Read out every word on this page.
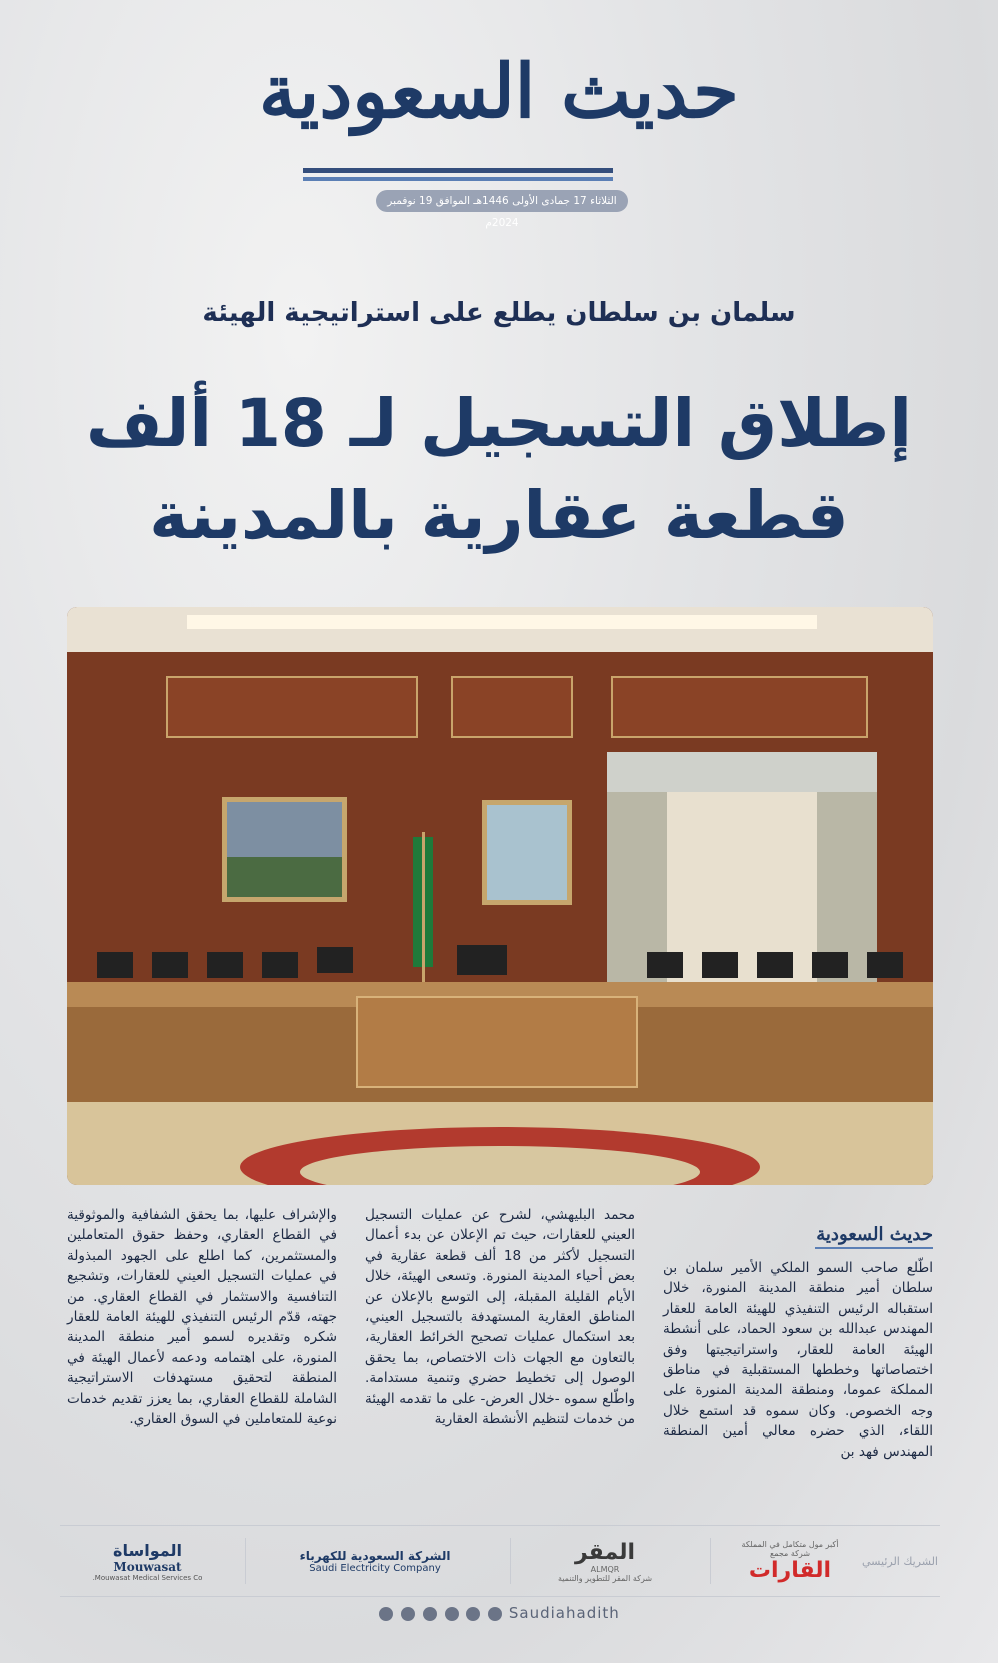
حديث السعودية
الثلاثاء 17 جمادى الأولى 1446هـ الموافق 19 نوفمبر 2024م
سلمان بن سلطان يطلع على استراتيجية الهيئة
إطلاق التسجيل لـ 18 ألف
قطعة عقارية بالمدينة
حديث السعودية

اطّلع صاحب السمو الملكي الأمير سلمان بن سلطان أمير منطقة المدينة المنورة، خلال استقباله الرئيس التنفيذي للهيئة العامة للعقار المهندس عبدالله بن سعود الحماد، على أنشطة الهيئة العامة للعقار، واستراتيجيتها وفق اختصاصاتها وخططها المستقبلية في مناطق المملكة عموما، ومنطقة المدينة المنورة على وجه الخصوص. وكان سموه قد استمع خلال اللقاء، الذي حضره معالي أمين المنطقة المهندس فهد بن

محمد البليهشي، لشرح عن عمليات التسجيل العيني للعقارات، حيث تم الإعلان عن بدء أعمال التسجيل لأكثر من 18 ألف قطعة عقارية في بعض أحياء المدينة المنورة. وتسعى الهيئة، خلال الأيام القليلة المقبلة، إلى التوسع بالإعلان عن المناطق العقارية المستهدفة بالتسجيل العيني، بعد استكمال عمليات تصحيح الخرائط العقارية، بالتعاون مع الجهات ذات الاختصاص، بما يحقق الوصول إلى تخطيط حضري وتنمية مستدامة. واطّلع سموه -خلال العرض- على ما تقدمه الهيئة من خدمات لتنظيم الأنشطة العقارية

والإشراف عليها، بما يحقق الشفافية والموثوقية في القطاع العقاري، وحفظ حقوق المتعاملين والمستثمرين، كما اطلع على الجهود المبذولة في عمليات التسجيل العيني للعقارات، وتشجيع التنافسية والاستثمار في القطاع العقاري. من جهته، قدّم الرئيس التنفيذي للهيئة العامة للعقار شكره وتقديره لسمو أمير منطقة المدينة المنورة، على اهتمامه ودعمه لأعمال الهيئة في المنطقة لتحقيق مستهدفات الاستراتيجية الشاملة للقطاع العقاري، بما يعزز تقديم خدمات نوعية للمتعاملين في السوق العقاري.

الشريك الرئيسي
أكبر مول متكامل في المملكة
شركة مجمع
القارات
المقر
ALMQR
شركة المقر للتطوير والتنمية
الشركة السعودية للكهرباء
Saudi Electricity Company
المواساة
Mouwasat
Mouwasat Medical Services Co.
Saudiahadith
